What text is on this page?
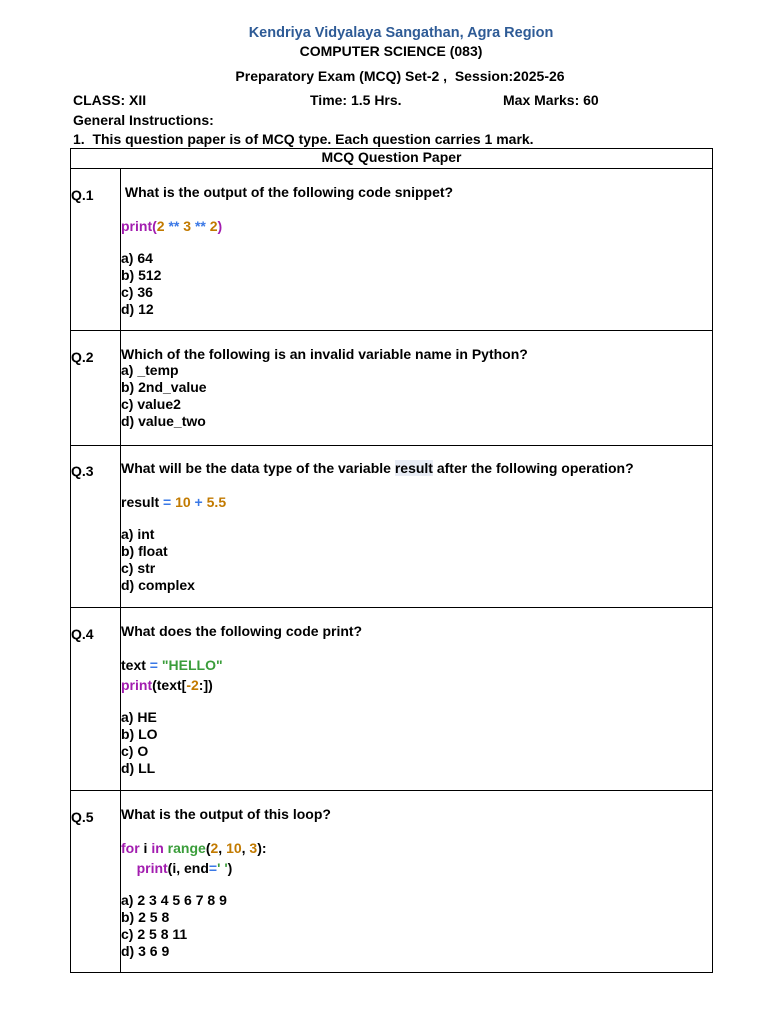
Kendriya Vidyalaya Sangathan, Agra Region
COMPUTER SCIENCE (083)
Preparatory Exam (MCQ) Set-2 ,  Session:2025-26
CLASS: XII	Time: 1.5 Hrs.	Max Marks: 60
General Instructions:
1.  This question paper is of MCQ type. Each question carries 1 mark.
MCQ Question Paper
Q.1 What is the output of the following code snippet?
print(2 ** 3 ** 2)
a) 64
b) 512
c) 36
d) 12
Q.2 Which of the following is an invalid variable name in Python?
a) _temp
b) 2nd_value
c) value2
d) value_two
Q.3 What will be the data type of the variable result after the following operation?
result = 10 + 5.5
a) int
b) float
c) str
d) complex
Q.4 What does the following code print?
text = "HELLO"
print(text[-2:])
a) HE
b) LO
c) O
d) LL
Q.5 What is the output of this loop?
for i in range(2, 10, 3):
print(i, end=' ')
a) 2 3 4 5 6 7 8 9
b) 2 5 8
c) 2 5 8 11
d) 3 6 9
